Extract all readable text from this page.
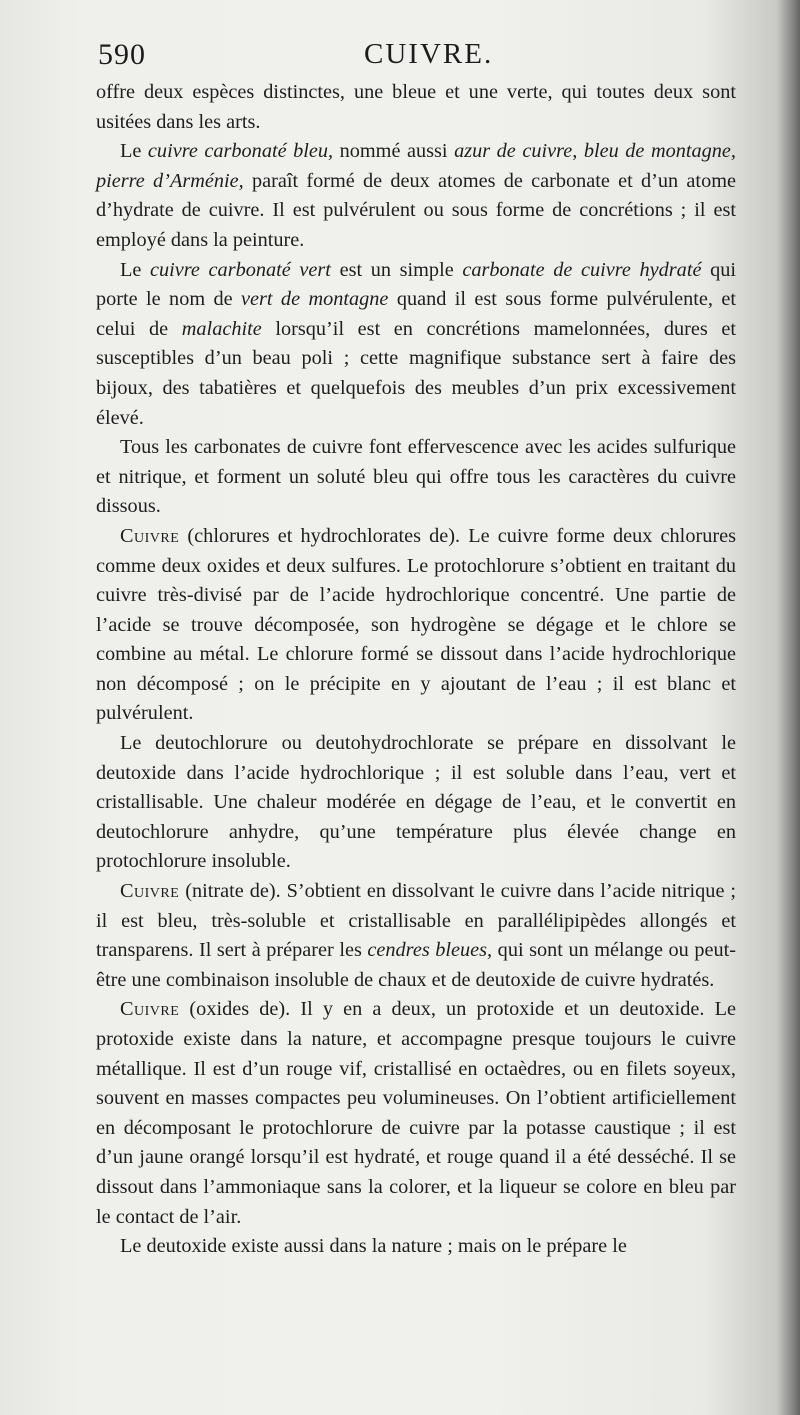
590	CUIVRE.

offre deux espèces distinctes, une bleue et une verte, qui toutes deux sont usitées dans les arts.

Le cuivre carbonaté bleu, nommé aussi azur de cuivre, bleu de montagne, pierre d’Arménie, paraît formé de deux atomes de carbonate et d’un atome d’hydrate de cuivre. Il est pulvérulent ou sous forme de concrétions ; il est employé dans la peinture.

Le cuivre carbonaté vert est un simple carbonate de cuivre hydraté qui porte le nom de vert de montagne quand il est sous forme pulvérulente, et celui de malachite lorsqu’il est en concrétions mamelonnées, dures et susceptibles d’un beau poli ; cette magnifique substance sert à faire des bijoux, des tabatières et quelquefois des meubles d’un prix excessivement élevé.

Tous les carbonates de cuivre font effervescence avec les acides sulfurique et nitrique, et forment un soluté bleu qui offre tous les caractères du cuivre dissous.

Cuivre (chlorures et hydrochlorates de). Le cuivre forme deux chlorures comme deux oxides et deux sulfures. Le protochlorure s’obtient en traitant du cuivre très-divisé par de l’acide hydrochlorique concentré. Une partie de l’acide se trouve décomposée, son hydrogène se dégage et le chlore se combine au métal. Le chlorure formé se dissout dans l’acide hydrochlorique non décomposé ; on le précipite en y ajoutant de l’eau ; il est blanc et pulvérulent.

Le deutochlorure ou deutohydrochlorate se prépare en dissolvant le deutoxide dans l’acide hydrochlorique ; il est soluble dans l’eau, vert et cristallisable. Une chaleur modérée en dégage de l’eau, et le convertit en deutochlorure anhydre, qu’une température plus élevée change en protochlorure insoluble.

Cuivre (nitrate de). S’obtient en dissolvant le cuivre dans l’acide nitrique ; il est bleu, très-soluble et cristallisable en parallélipipèdes allongés et transparens. Il sert à préparer les cendres bleues, qui sont un mélange ou peut-être une combinaison insoluble de chaux et de deutoxide de cuivre hydratés.

Cuivre (oxides de). Il y en a deux, un protoxide et un deutoxide. Le protoxide existe dans la nature, et accompagne presque toujours le cuivre métallique. Il est d’un rouge vif, cristallisé en octaèdres, ou en filets soyeux, souvent en masses compactes peu volumineuses. On l’obtient artificiellement en décomposant le protochlorure de cuivre par la potasse caustique ; il est d’un jaune orangé lorsqu’il est hydraté, et rouge quand il a été desséché. Il se dissout dans l’ammoniaque sans la colorer, et la liqueur se colore en bleu par le contact de l’air.

Le deutoxide existe aussi dans la nature ; mais on le prépare le
